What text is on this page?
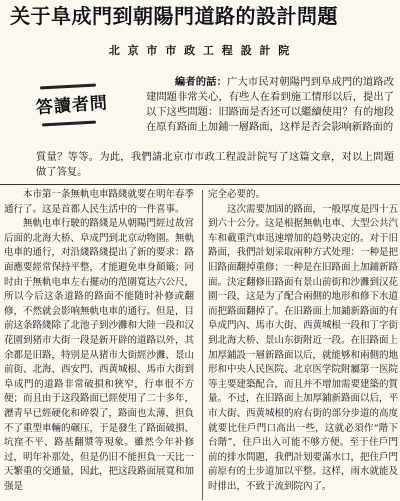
关于阜成門到朝陽門道路的設計問題
北 京 市 市 政 工 程 設 計 院
答讀者問
編者的話：广大市民对朝陽門到阜成門的道路改建問題非常关心，有些人在看到施工情形以后，提出了以下这些問題：旧路面是否还可以繼續使用？有的地段在原有路面上加鋪一層路面，这样是否会影响新路面的
質量？等等。为此，我們請北京市市政工程設計院写了这篇文章，对以上問題做了答复。

本市第一条無軌电車路綫就要在明年春季通行了。这是首都人民生活中的一件喜事。

無軌电車行駛的路綫是从朝陽門經过故宮后面的北海大桥、阜成門到北京动物園。無軌电車的通行，对沿綫路綫提出了新的要求：路面應要經常保持平整，才能避免車身顛簸；同时由于無軌电車左右擺动的范圍寬达六公尺，所以今后这条道路的路面不能随时补修或翻修，不然就会影响無軌电車的通行。但是，目前这条路綫除了北池子到沙灘和大陸一段和汉花園到猪市大街一段是新开辟的道路以外，其余都是旧路，特别是从猪市大街經沙灘、景山前街、北海、西安門、西黄城根、馬市大街到阜成門的道路非常破損和狹窄，行車很不方便；而且由于这段路面已經使用了二十多年，瀝青早已經硬化和碎裂了，路面也太薄，担負不了重型車輛的碾压，于是發生了路面破損、坑窪不平、路基翻漿等現象。雖然今年补修过，明年补那处，但是仍旧不能担負一天比一天繁重的交通量，因此，把这段路面展寬和加强是

完全必要的。

这次需要加固的路面，一般厚度是四十五到六十公分。这是根据無軌电車、大型公共汽车和載重汽車迅速增加的趋勢决定的。对于旧路面，我們計划采取兩种方式处理：一种是把旧路面翻掉重修；一种是在旧路面上加鋪新路面。決定翻修旧路面有景山前街和沙灘到汉花園一段，这是为了配合兩側的地形和修下水道而把路面翻掉了。在旧路面上加鋪新路面的有阜成門內、馬市大街、西黄城根一段和丁字街到北海大桥、景山东街附近一段。在旧路面上加厚鋪設一層新路面以后，就能够和兩側的地形和中央人民医院、北京医学院附屬第一医院等主要建築配合，而且并不增加需要建築的質量。不过，在旧路面上加厚鋪新路面以后，平市大街、西黄城根的府右街的部分步道的高度就要比住戶門口高出一些，这就必須作“階下台階”，住戶出入可能不够方便。至于住戶門前的排水問題，我們計划要滿水口，把住戶門前原有的土步道加以平整。这样，雨水就能及时排出，不致于流到院內了。
